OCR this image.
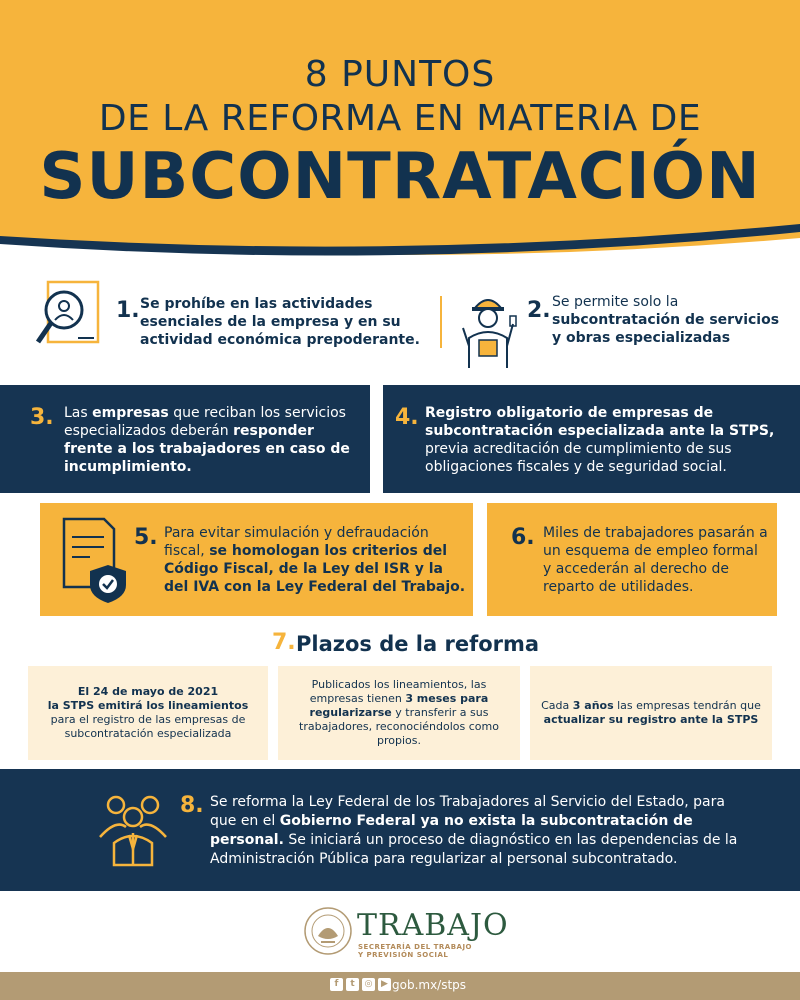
8 PUNTOS
DE LA REFORMA EN MATERIA DE
SUBCONTRATACIÓN
1. Se prohíbe en las actividades esenciales de la empresa y en su actividad económica prepoderante.
2. Se permite solo la
subcontratación de servicios y obras especializadas
3. Las empresas que reciban los servicios especializados deberán responder frente a los trabajadores en caso de incumplimiento.
4. Registro obligatorio de empresas de subcontratación especializada ante la STPS, previa acreditación de cumplimiento de sus obligaciones fiscales y de seguridad social.
5. Para evitar simulación y defraudación fiscal, se homologan los criterios del Código Fiscal, de la Ley del ISR y la del IVA con la Ley Federal del Trabajo.
6. Miles de trabajadores pasarán a un esquema de empleo formal y accederán al derecho de reparto de utilidades.
7. Plazos de la reforma
El 24 de mayo de 2021
la STPS emitirá los lineamientos
para el registro de las empresas de subcontratación especializada
Publicados los lineamientos, las empresas tienen 3 meses para regularizarse y transferir a sus trabajadores, reconociéndolos como propios.
Cada 3 años las empresas tendrán que actualizar su registro ante la STPS
8. Se reforma la Ley Federal de los Trabajadores al Servicio del Estado, para que en el Gobierno Federal ya no exista la subcontratación de personal. Se iniciará un proceso de diagnóstico en las dependencias de la Administración Pública para regularizar al personal subcontratado.
TRABAJO
SECRETARÍA DEL TRABAJO
Y PREVISIÓN SOCIAL
f	t	◎ ▶ gob.mx/stps
